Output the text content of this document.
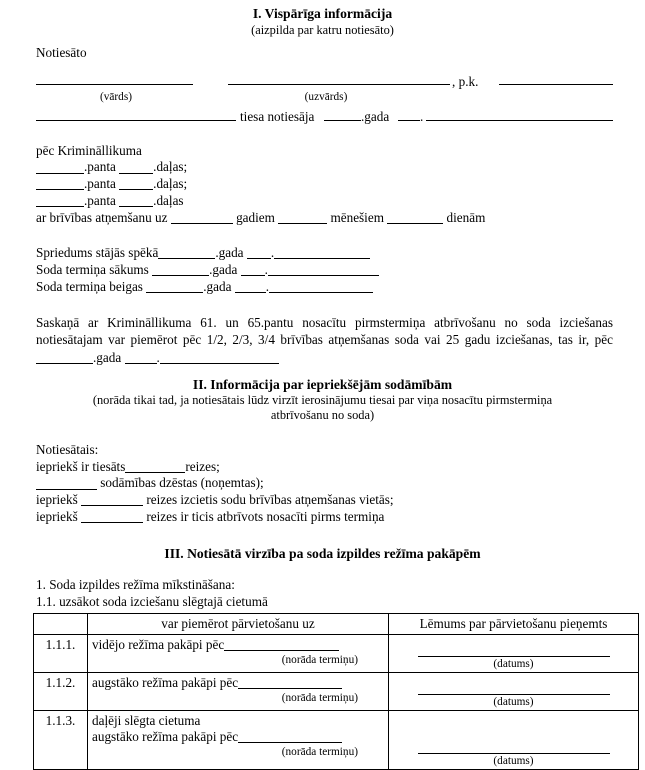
I. Vispārīga informācija
(aizpilda par katru notiesāto)
Notiesāto
, p.k.
(vārds)	(uzvārds)
tiesa notiesāja	.gada .
pēc Krimināllikuma
.panta	.daļas;
.panta	.daļas;
.panta	.daļas
ar brīvības atņemšanu uz	gadiem	mēnešiem	dienām
Spriedums stājās spēkā	.gada .
Soda termiņa sākums	.gada .
Soda termiņa beigas	.gada	.
Saskaņā ar Krimināllikuma 61. un 65.pantu nosacītu pirmstermiņa atbrīvošanu no soda izciešanas notiesātajam var piemērot pēc 1/2, 2/3, 3/4 brīvības atņemšanas soda vai 25 gadu izciešanas, tas ir, pēc .gada	.
II. Informācija par iepriekšējām sodāmībām
(norāda tikai tad, ja notiesātais lūdz virzīt ierosinājumu tiesai par viņa nosacītu pirmstermiņa
atbrīvošanu no soda)
Notiesātais:
iepriekš ir tiesāts	reizes;
sodāmības dzēstas (noņemtas);
iepriekš	reizes izcietis sodu brīvības atņemšanas vietās;
iepriekš	reizes ir ticis atbrīvots nosacīti pirms termiņa
III. Notiesātā virzība pa soda izpildes režīma pakāpēm
1. Soda izpildes režīma mīkstināšana:
1.1. uzsākot soda izciešanu slēgtajā cietumā
	var piemērot pārvietošanu uz	Lēmums par pārvietošanu pieņemts
1.1.1.	vidējo režīma pakāpi pēc
(norāda termiņu)	(datums)

1.1.2.	augstāko režīma pakāpi pēc
(norāda termiņu)	(datums)

1.1.3.	daļēji slēgta cietuma
augstāko režīma pakāpi pēc
(norāda termiņu)	(datums)
